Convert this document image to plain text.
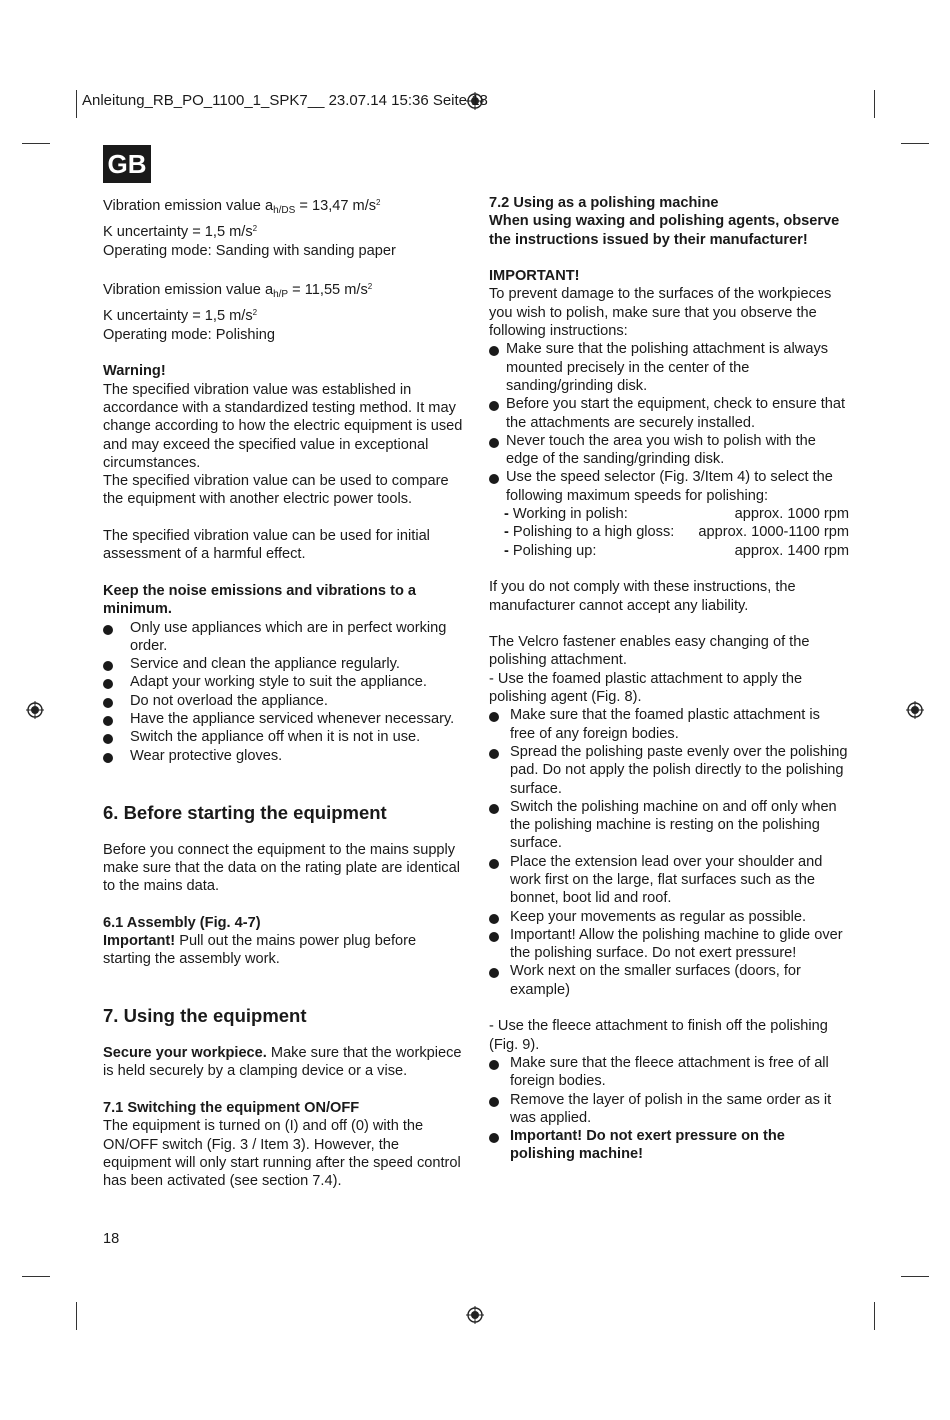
Anleitung_RB_PO_1100_1_SPK7__ 23.07.14 15:36 Seite 18
GB

Vibration emission value $a_{h/DS} = 13,47$ $m/s^2$

K uncertainty = 1,5 $m/s^2$

Operating mode: Sanding with sanding paper

Vibration emission value $a_{h/P} = 11,55$ $m/s^2$

K uncertainty = 1,5 $m/s^2$

Operating mode: Polishing

Warning!

The specified vibration value was established in accordance with a standardized testing method. It may change according to how the electric equipment is used and may exceed the specified value in exceptional circumstances.

The specified vibration value can be used to compare the equipment with another electric power tools.

The specified vibration value can be used for initial assessment of a harmful effect.

Keep the noise emissions and vibrations to a minimum.

Only use appliances which are in perfect working order.
Service and clean the appliance regularly.
Adapt your working style to suit the appliance.
Do not overload the appliance.
Have the appliance serviced whenever necessary.
Switch the appliance off when it is not in use.
Wear protective gloves.
6. Before starting the equipment

Before you connect the equipment to the mains supply make sure that the data on the rating plate are identical to the mains data.

6.1 Assembly (Fig. 4-7)

Important! Pull out the mains power plug before starting the assembly work.

7. Using the equipment

Secure your workpiece. Make sure that the workpiece is held securely by a clamping device or a vise.

7.1 Switching the equipment ON/OFF

The equipment is turned on (I) and off (0) with the ON/OFF switch (Fig. 3 / Item 3). However, the equipment will only start running after the speed control has been activated (see section 7.4).

7.2 Using as a polishing machine

When using waxing and polishing agents, observe the instructions issued by their manufacturer!

IMPORTANT!

To prevent damage to the surfaces of the workpieces you wish to polish, make sure that you observe the following instructions:

Make sure that the polishing attachment is always mounted precisely in the center of the sanding/grinding disk.
Before you start the equipment, check to ensure that the attachments are securely installed.
Never touch the area you wish to polish with the edge of the sanding/grinding disk.
Use the speed selector (Fig. 3/Item 4) to select the following maximum speeds for polishing:
- Working in polish:	approx. 1000 rpm
- Polishing to a high gloss: approx. 1000-1100 rpm
- Polishing up:	approx. 1400 rpm

If you do not comply with these instructions, the manufacturer cannot accept any liability.

The Velcro fastener enables easy changing of the polishing attachment.

- Use the foamed plastic attachment to apply the polishing agent (Fig. 8).

Make sure that the foamed plastic attachment is free of any foreign bodies.
Spread the polishing paste evenly over the polishing pad. Do not apply the polish directly to the polishing surface.
Switch the polishing machine on and off only when the polishing machine is resting on the polishing surface.
Place the extension lead over your shoulder and work first on the large, flat surfaces such as the bonnet, boot lid and roof.
Keep your movements as regular as possible.
Important! Allow the polishing machine to glide over the polishing surface. Do not exert pressure!
Work next on the smaller surfaces (doors, for example)

- Use the fleece attachment to finish off the polishing (Fig. 9).

Make sure that the fleece attachment is free of all foreign bodies.
Remove the layer of polish in the same order as it was applied.
Important! Do not exert pressure on the polishing machine!
18
